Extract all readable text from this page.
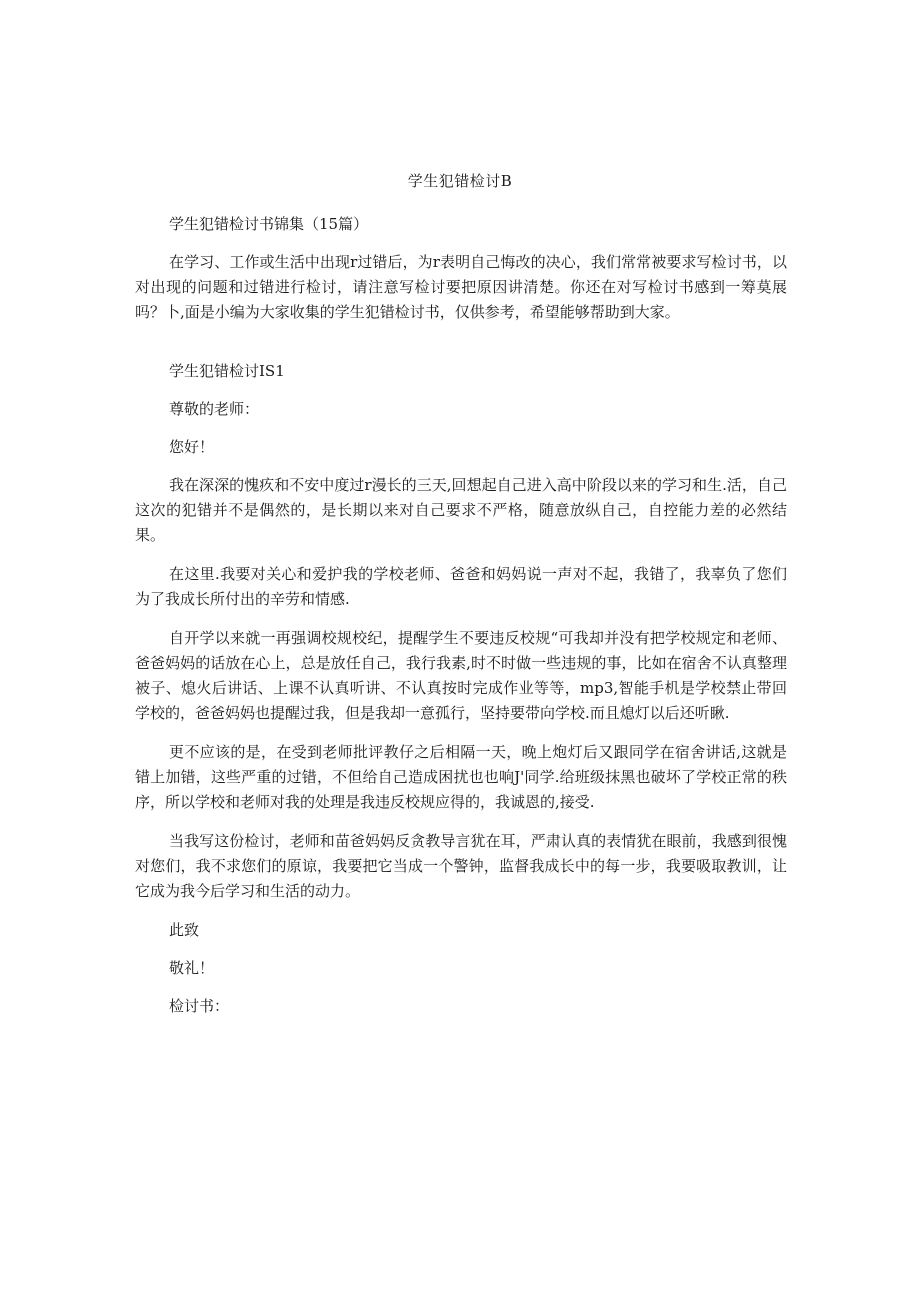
学生犯错检讨B

学生犯错检讨书锦集（15篇）

在学习、工作或生活中出现r过错后，为r表明自己悔改的决心，我们常常被要求写检讨书，以对出现的问题和过错进行检讨，请注意写检讨要把原因讲清楚。你还在对写检讨书感到一筹莫展吗？卜,面是小编为大家收集的学生犯错检讨书，仅供参考，希望能够帮助到大家。

学生犯错检讨IS1

尊敬的老师：

您好！

我在深深的愧疚和不安中度过r漫长的三天,回想起自己进入高中阶段以来的学习和生.活，自己这次的犯错并不是偶然的，是长期以来对自己要求不严格，随意放纵自己，自控能力差的必然结果。

在这里.我要对关心和爱护我的学校老师、爸爸和妈妈说一声对不起，我错了，我辜负了您们为了我成长所付出的辛劳和情感.

自开学以来就一再强调校规校纪，提醒学生不要违反校规“可我却并没有把学校规定和老师、爸爸妈妈的话放在心上，总是放任自己，我行我素,时不时做一些违规的事，比如在宿舍不认真整理被子、熄火后讲话、上课不认真听讲、不认真按时完成作业等等，mp3,智能手机是学校禁止带回学校的，爸爸妈妈也提醒过我，但是我却一意孤行，坚持要带向学校.而且熄灯以后还听瞅.

更不应该的是，在受到老师批评教仔之后相隔一天，晚上炮灯后又跟同学在宿舍讲话,这就是错上加错，这些严重的过错，不但给自己造成困扰也也响J'同学.给班级抹黑也破坏了学校正常的秩序，所以学校和老师对我的处理是我违反校规应得的，我诚恩的,接受.

当我写这份检讨，老师和苗爸妈妈反贪教导言犹在耳，严肃认真的表情犹在眼前，我感到很愧对您们，我不求您们的原谅，我要把它当成一个警钟，监督我成长中的每一步，我要吸取教训，让它成为我今后学习和生活的动力。

此致

敬礼！

检讨书：
